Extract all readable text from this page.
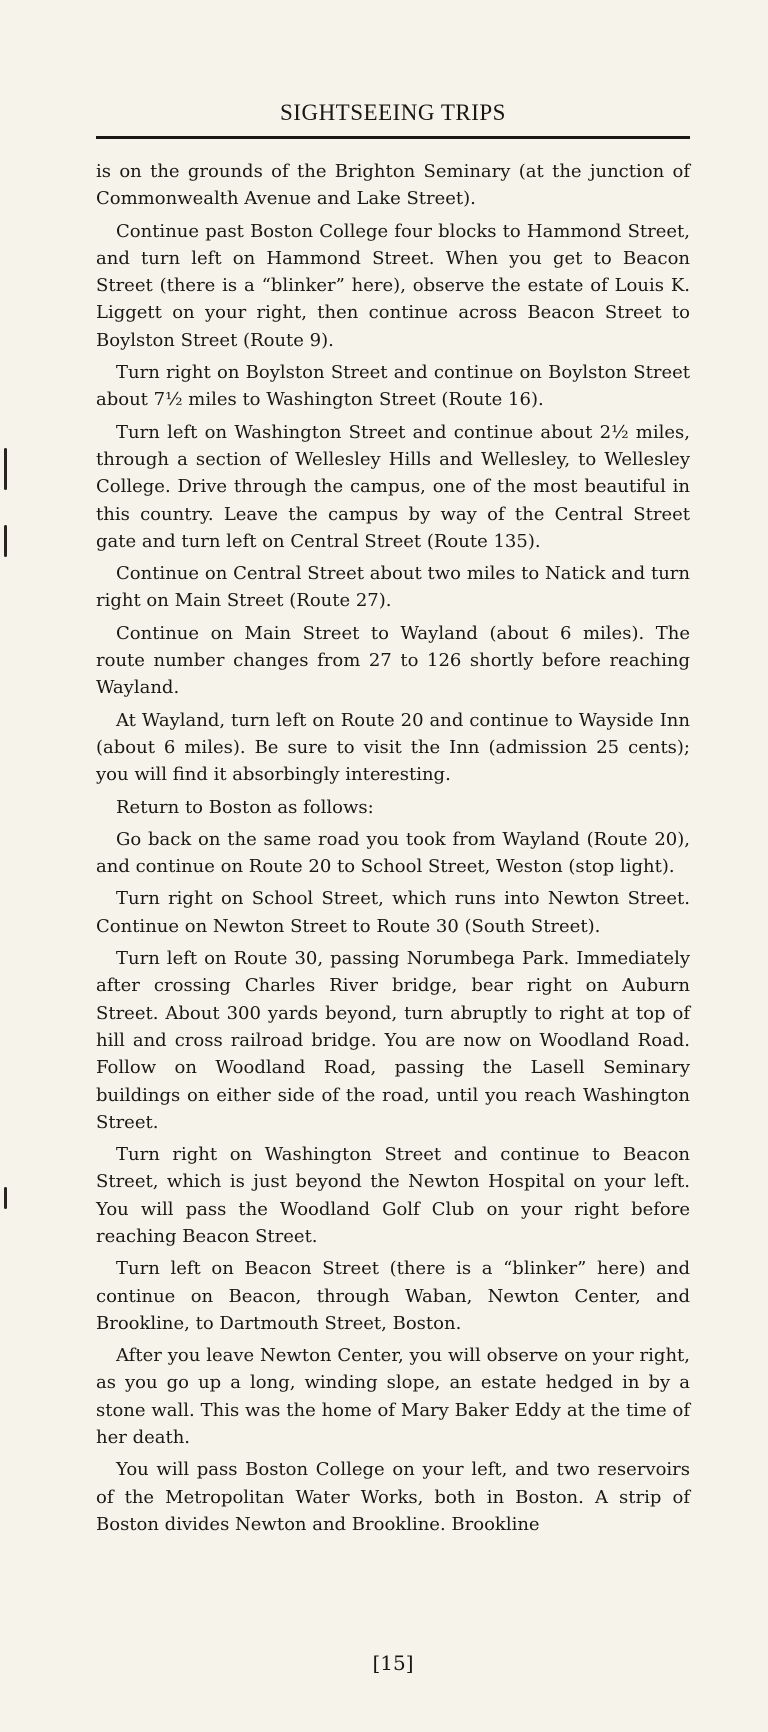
SIGHTSEEING TRIPS

is on the grounds of the Brighton Seminary (at the junction of Commonwealth Avenue and Lake Street).

Continue past Boston College four blocks to Hammond Street, and turn left on Hammond Street. When you get to Beacon Street (there is a “blinker” here), observe the estate of Louis K. Liggett on your right, then continue across Beacon Street to Boylston Street (Route 9).

Turn right on Boylston Street and continue on Boylston Street about 7½ miles to Washington Street (Route 16).

Turn left on Washington Street and continue about 2½ miles, through a section of Wellesley Hills and Wellesley, to Wellesley College. Drive through the campus, one of the most beautiful in this country. Leave the campus by way of the Central Street gate and turn left on Central Street (Route 135).

Continue on Central Street about two miles to Natick and turn right on Main Street (Route 27).

Continue on Main Street to Wayland (about 6 miles). The route number changes from 27 to 126 shortly before reaching Wayland.

At Wayland, turn left on Route 20 and continue to Wayside Inn (about 6 miles). Be sure to visit the Inn (admission 25 cents); you will find it absorbingly interesting.

Return to Boston as follows:

Go back on the same road you took from Wayland (Route 20), and continue on Route 20 to School Street, Weston (stop light).

Turn right on School Street, which runs into Newton Street. Continue on Newton Street to Route 30 (South Street).

Turn left on Route 30, passing Norumbega Park. Immediately after crossing Charles River bridge, bear right on Auburn Street. About 300 yards beyond, turn abruptly to right at top of hill and cross railroad bridge. You are now on Woodland Road. Follow on Woodland Road, passing the Lasell Seminary buildings on either side of the road, until you reach Washington Street.

Turn right on Washington Street and continue to Beacon Street, which is just beyond the Newton Hospital on your left. You will pass the Woodland Golf Club on your right before reaching Beacon Street.

Turn left on Beacon Street (there is a “blinker” here) and continue on Beacon, through Waban, Newton Center, and Brookline, to Dartmouth Street, Boston.

After you leave Newton Center, you will observe on your right, as you go up a long, winding slope, an estate hedged in by a stone wall. This was the home of Mary Baker Eddy at the time of her death.

You will pass Boston College on your left, and two reservoirs of the Metropolitan Water Works, both in Boston. A strip of Boston divides Newton and Brookline. Brookline

[15]
